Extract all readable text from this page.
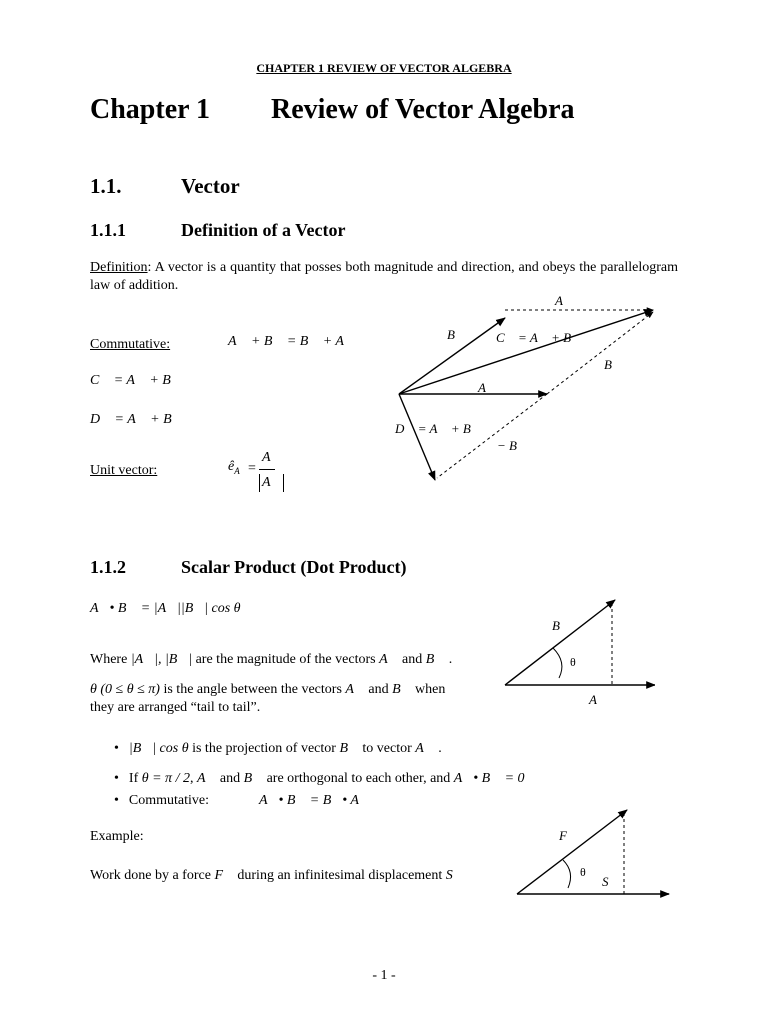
CHAPTER 1 REVIEW OF VECTOR ALGEBRA
Chapter 1 Review of Vector Algebra
1.1.	Vector
1.1.1	Definition of a Vector
Definition: A vector is a quantity that posses both magnitude and direction, and obeys the parallelogram law of addition.
Commutative:	A⃗ + B⃗ = B⃗ + A⃗
C⃗ = A⃗ + B⃗
D⃗ = A⃗ + B⃗
Unit vector:	$ê_A$ =
A⃗
A⃗
A⃗
B⃗ C⃗ = A⃗ + B⃗
B⃗
A⃗
D⃗ = A⃗ + B⃗
− B⃗
1.1.2	Scalar Product (Dot Product)
A⃗• B⃗ = |A⃗||B⃗| cos θ
Where |A⃗|, |B⃗| are the magnitude of the vectors A⃗ and B⃗ .
θ (0 ≤ θ ≤ π) is the angle between the vectors A⃗ and B⃗ when
they are arranged “tail to tail”.
B⃗
θ
A⃗
• |B⃗| cos θ is the projection of vector B⃗ to vector A⃗ .
• If θ = π / 2, A⃗ and B⃗ are orthogonal to each other, and A⃗• B⃗ = 0
• Commutative:	A⃗• B⃗ = B⃗• A⃗
Example:
Work done by a force F⃗ during an infinitesimal displacement S⃗
F⃗
θ
S⃗
- 1 -
